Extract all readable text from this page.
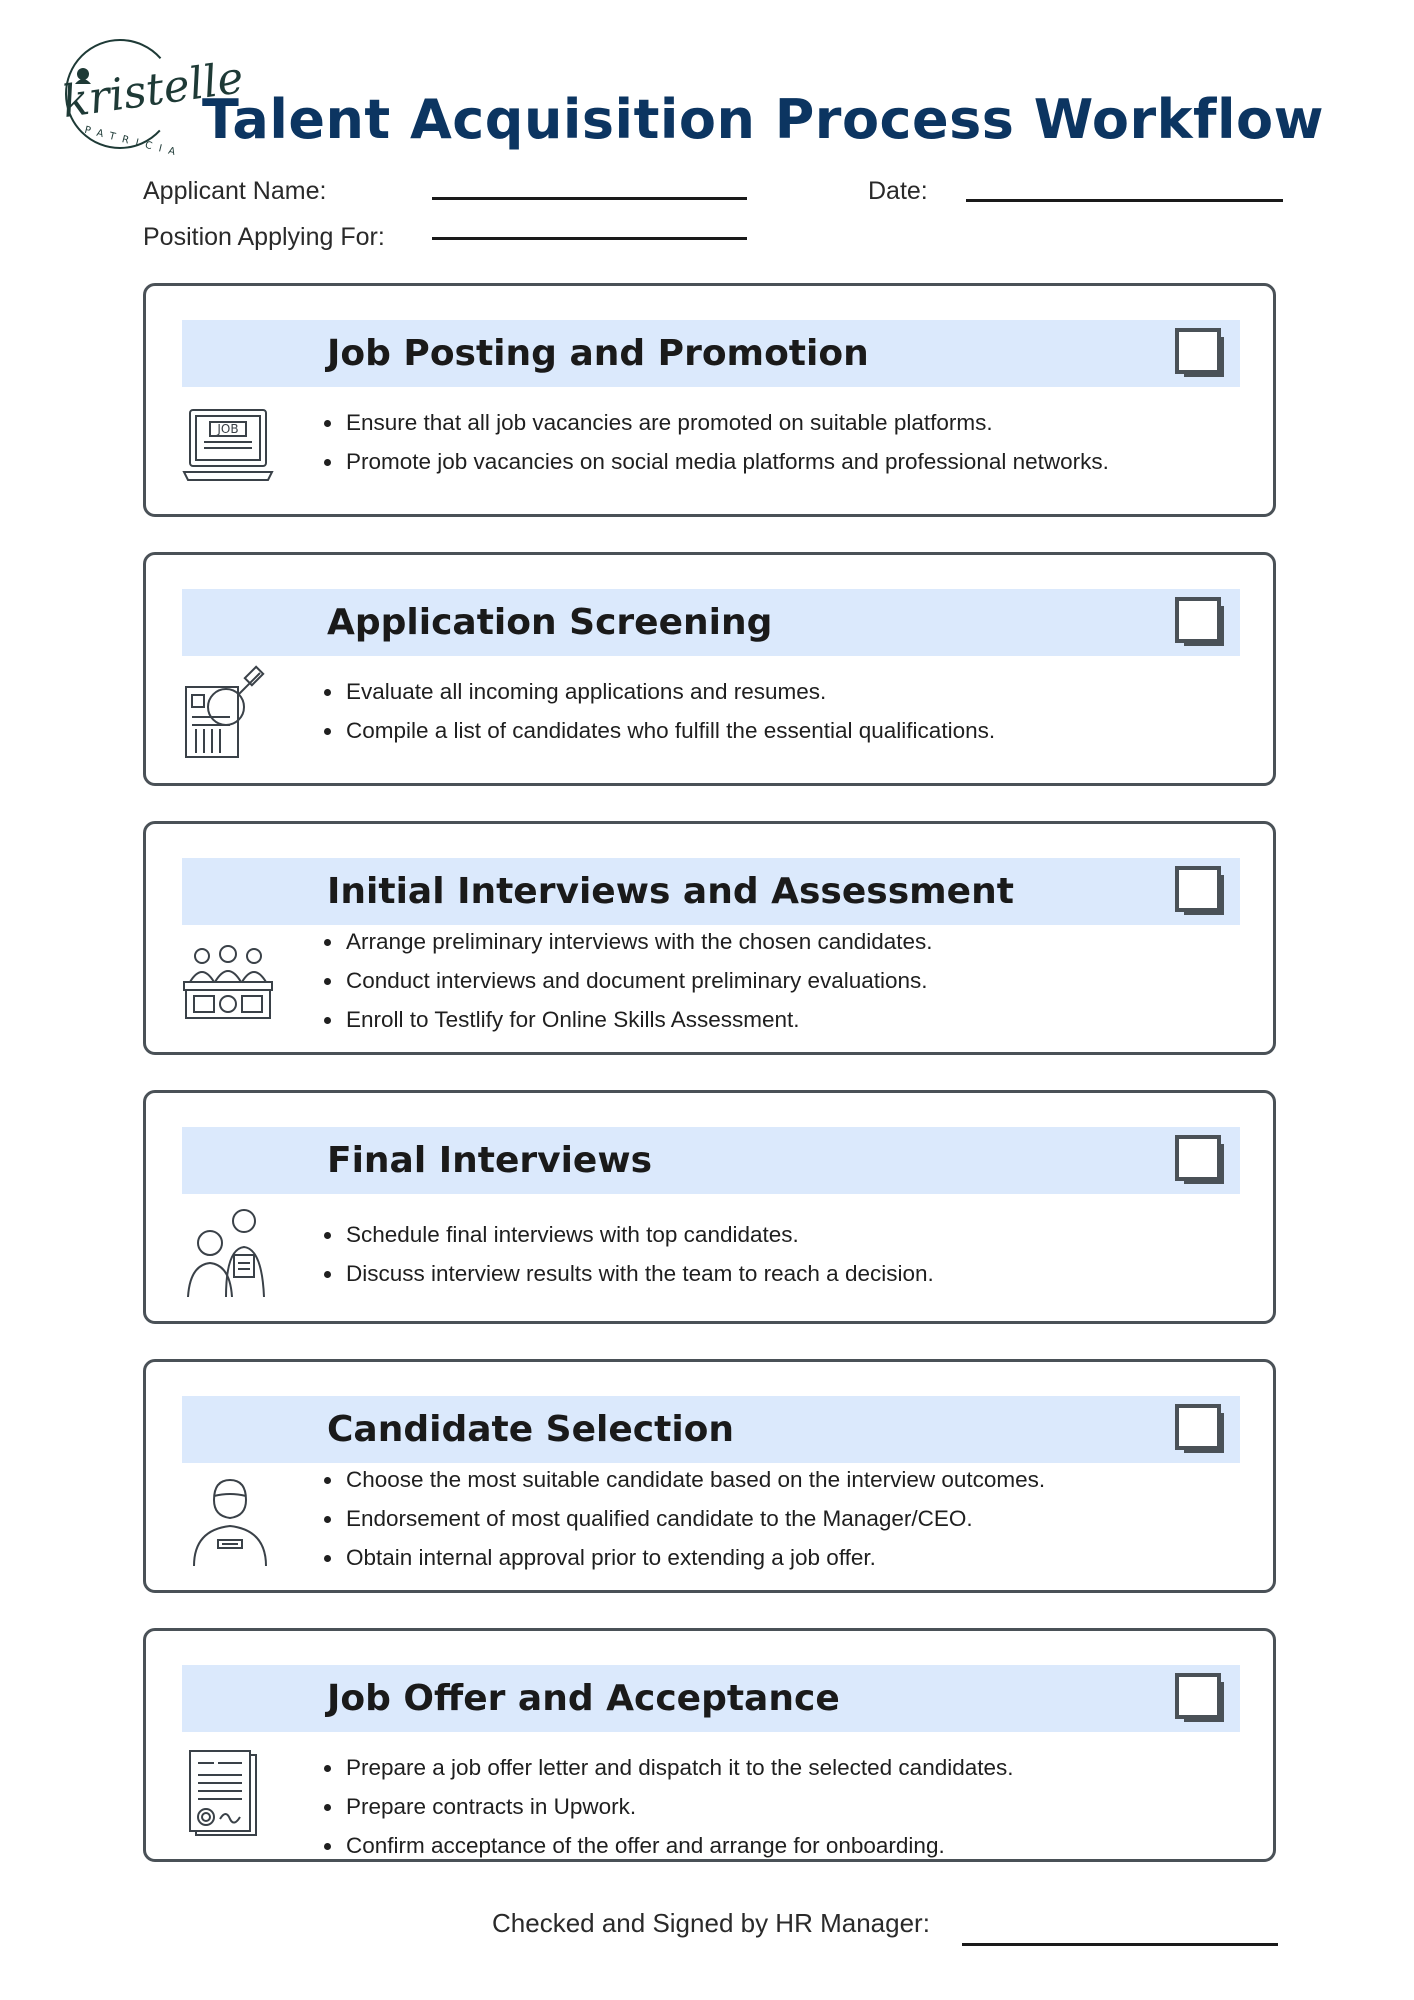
kristelle
PATRICIA Talent Acquisition Process Workflow
Applicant Name:	Date:
Position Applying For:
Job Posting and Promotion
JOB	Ensure that all job vacancies are promoted on suitable platforms.
Promote job vacancies on social media platforms and professional networks.
Application Screening
Evaluate all incoming applications and resumes.
Compile a list of candidates who fulfill the essential qualifications.
Initial Interviews and Assessment
Arrange preliminary interviews with the chosen candidates.
Conduct interviews and document preliminary evaluations.
Enroll to Testlify for Online Skills Assessment.
Final Interviews
Schedule final interviews with top candidates.
Discuss interview results with the team to reach a decision.
Candidate Selection
Choose the most suitable candidate based on the interview outcomes.
Endorsement of most qualified candidate to the Manager/CEO.
Obtain internal approval prior to extending a job offer.
Job Offer and Acceptance
Prepare a job offer letter and dispatch it to the selected candidates.
Prepare contracts in Upwork.
Confirm acceptance of the offer and arrange for onboarding.
Checked and Signed by HR Manager:
